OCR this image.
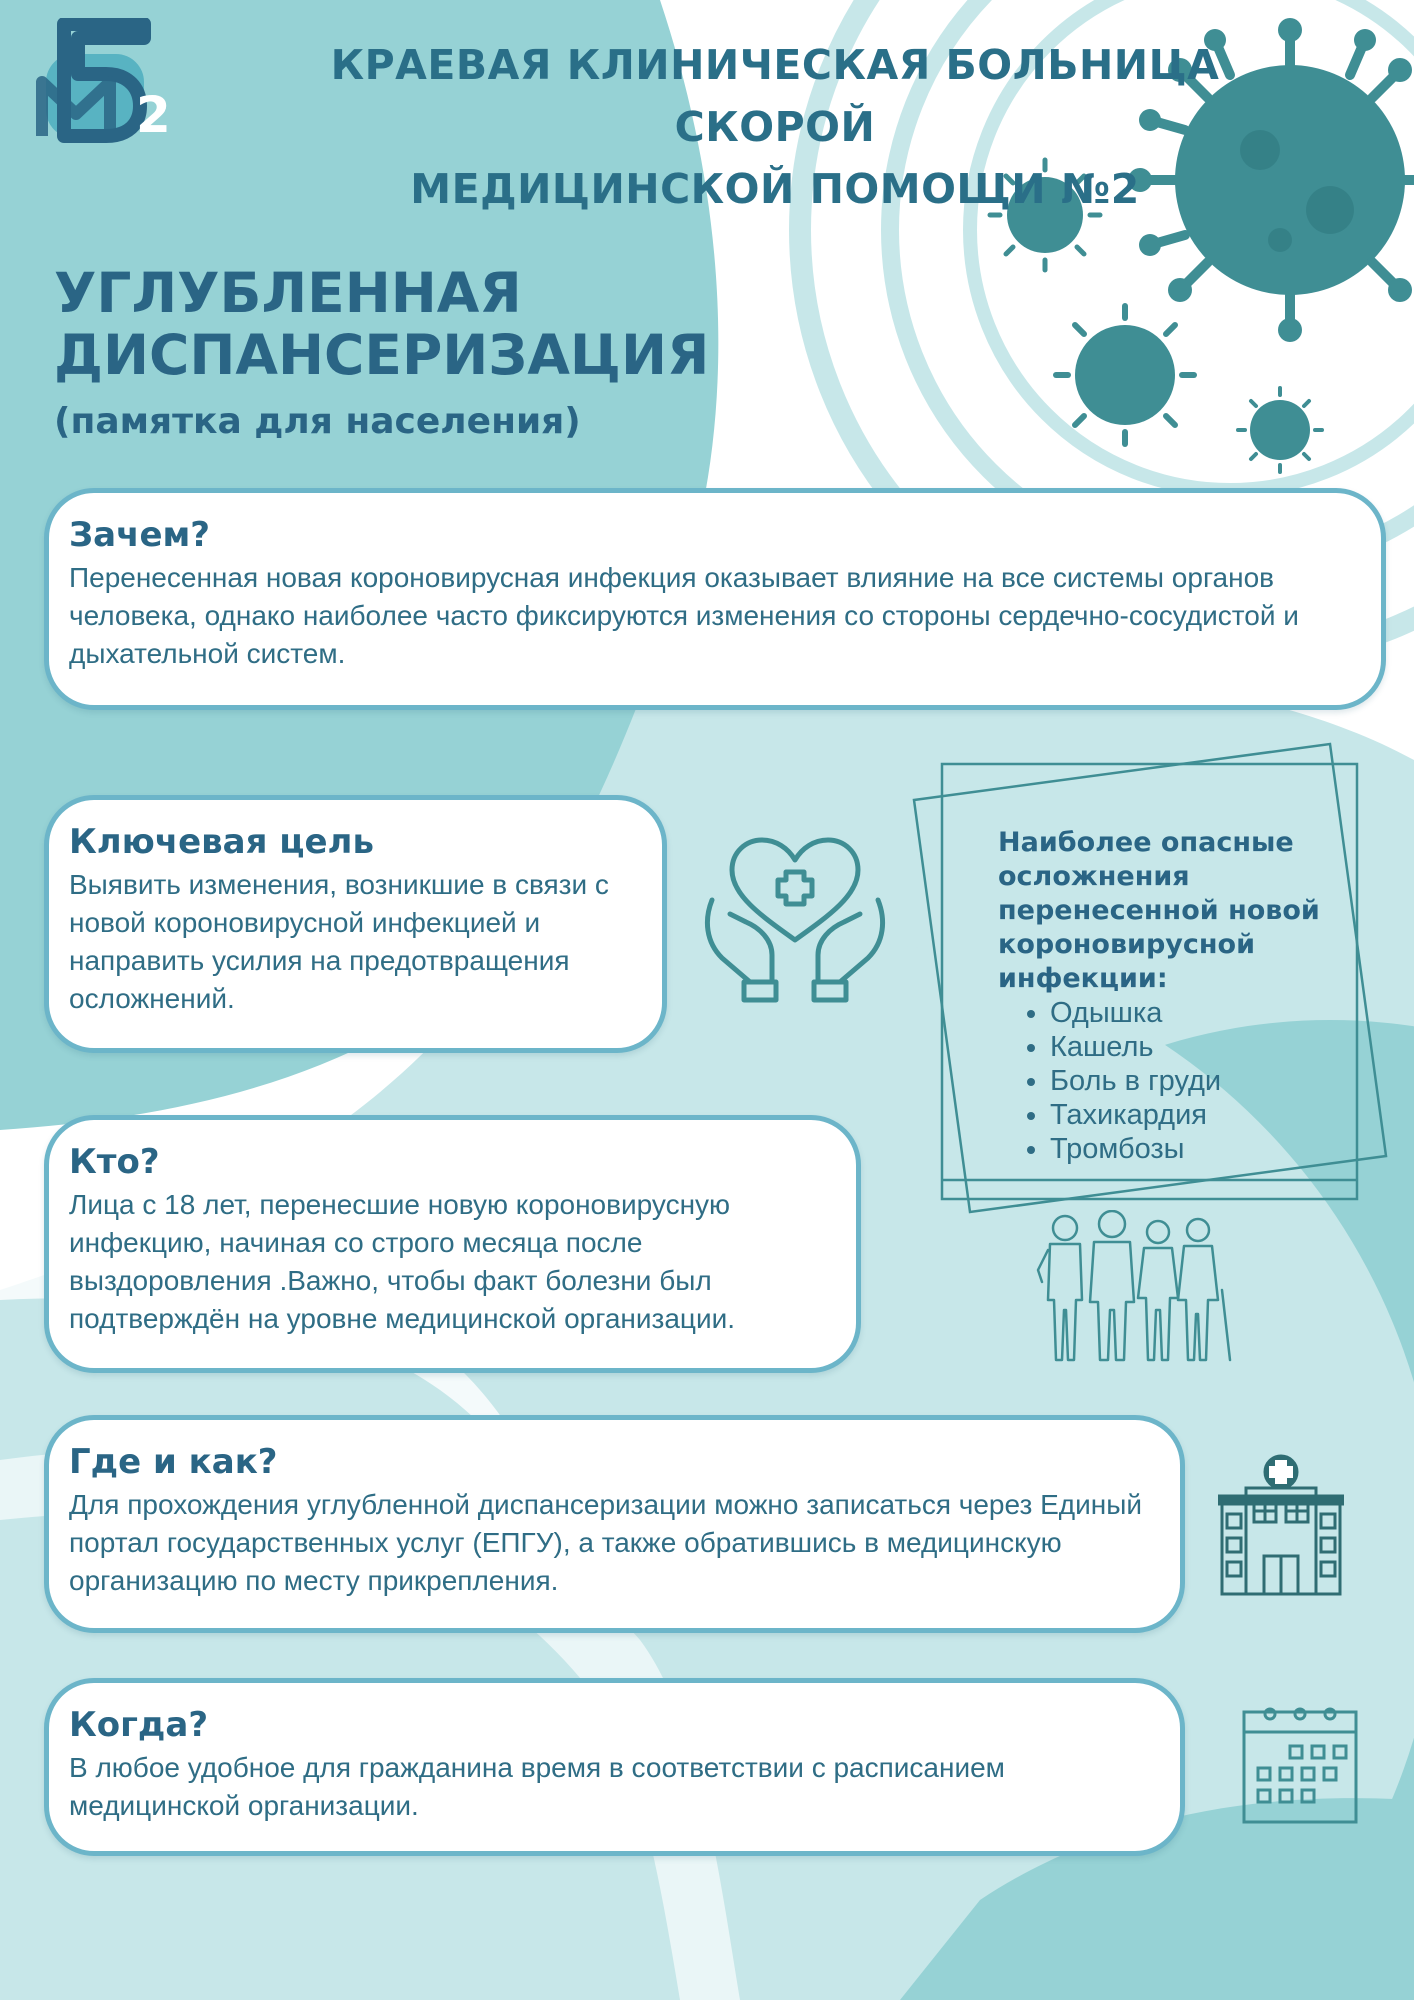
2
КРАЕВАЯ КЛИНИЧЕСКАЯ БОЛЬНИЦА СКОРОЙ
МЕДИЦИНСКОЙ ПОМОЩИ №2
УГЛУБЛЕННАЯ
ДИСПАНСЕРИЗАЦИЯ

(памятка для населения)

Зачем?

Перенесенная новая короновирусная инфекция оказывает влияние на все системы органов человека, однако наиболее часто фиксируются изменения со стороны сердечно-сосудистой и дыхательной систем.

Ключевая цель

Выявить изменения, возникшие в связи с новой короновирусной инфекцией и направить усилия на предотвращения осложнений.

Кто?

Лица с 18 лет, перенесшие новую короновирусную инфекцию, начиная со строго месяца после выздоровления .Важно, чтобы факт болезни был подтверждён на уровне медицинской организации.

Где и как?

Для прохождения углубленной диспансеризации можно записаться через Единый портал государственных услуг (ЕПГУ), а также обратившись в медицинскую организацию по месту прикрепления.

Когда?

В любое удобное для гражданина время в соответствии с расписанием медицинской организации.

Наиболее опасные осложнения перенесенной новой короновирусной инфекции:

• Одышка
• Кашель
• Боль в груди
• Тахикардия
• Тромбозы
